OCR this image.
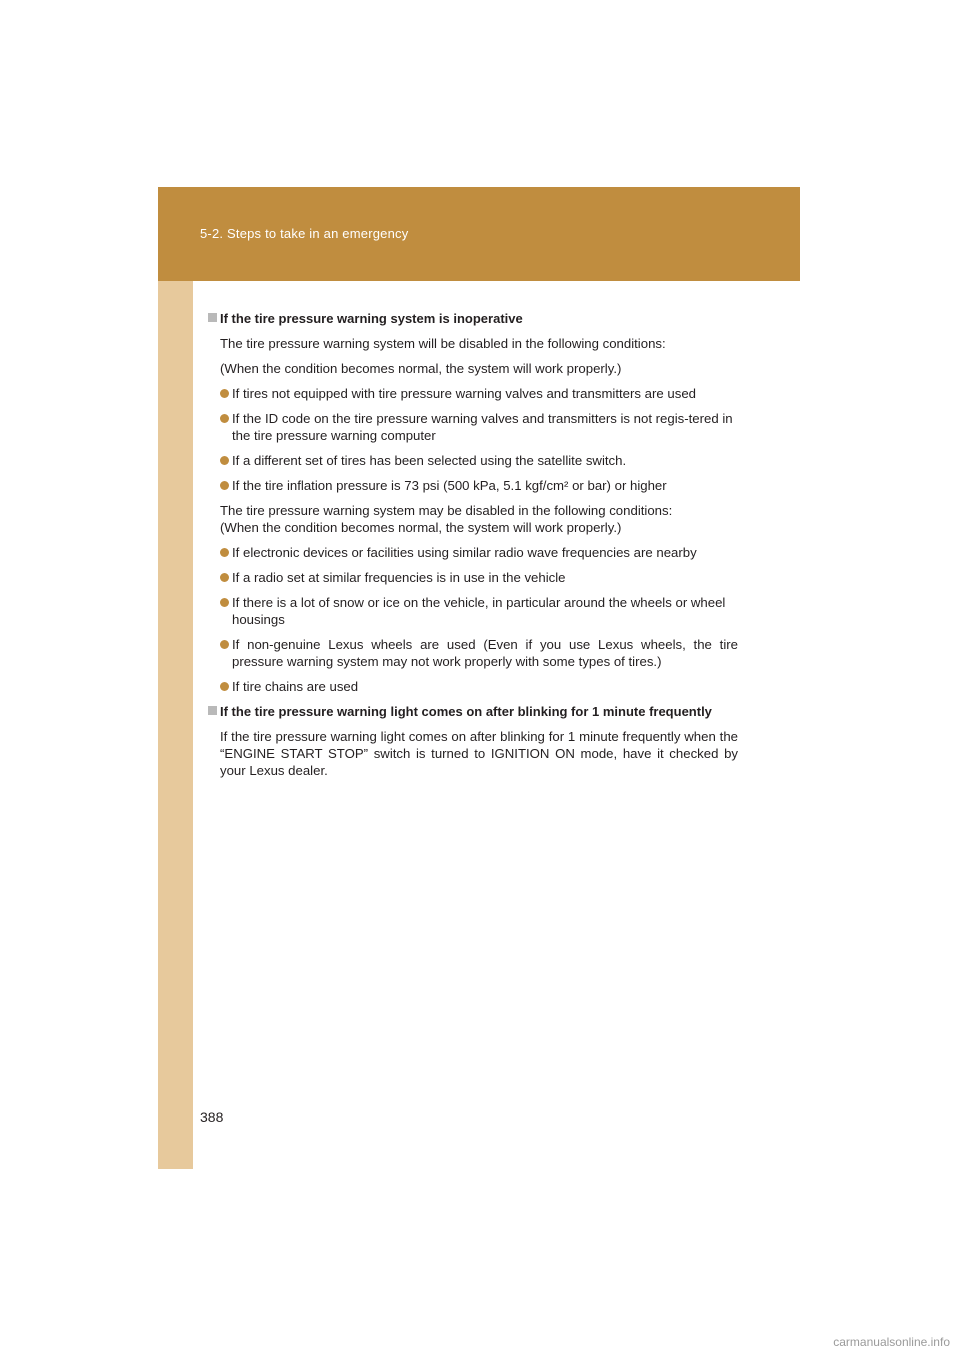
5-2. Steps to take in an emergency
If the tire pressure warning system is inoperative

The tire pressure warning system will be disabled in the following conditions:

(When the condition becomes normal, the system will work properly.)

If tires not equipped with tire pressure warning valves and transmitters are used
If the ID code on the tire pressure warning valves and transmitters is not regis-tered in the tire pressure warning computer
If a different set of tires has been selected using the satellite switch.
If the tire inflation pressure is 73 psi (500 kPa, 5.1 kgf/cm² or bar) or higher

The tire pressure warning system may be disabled in the following conditions:

(When the condition becomes normal, the system will work properly.)

If electronic devices or facilities using similar radio wave frequencies are nearby
If a radio set at similar frequencies is in use in the vehicle
If there is a lot of snow or ice on the vehicle, in particular around the wheels or wheel housings
If non-genuine Lexus wheels are used (Even if you use Lexus wheels, the tire pressure warning system may not work properly with some types of tires.)
If tire chains are used
If the tire pressure warning light comes on after blinking for 1 minute frequently

If the tire pressure warning light comes on after blinking for 1 minute frequently when the “ENGINE START STOP” switch is turned to IGNITION ON mode, have it checked by your Lexus dealer.

388
carmanualsonline.info
